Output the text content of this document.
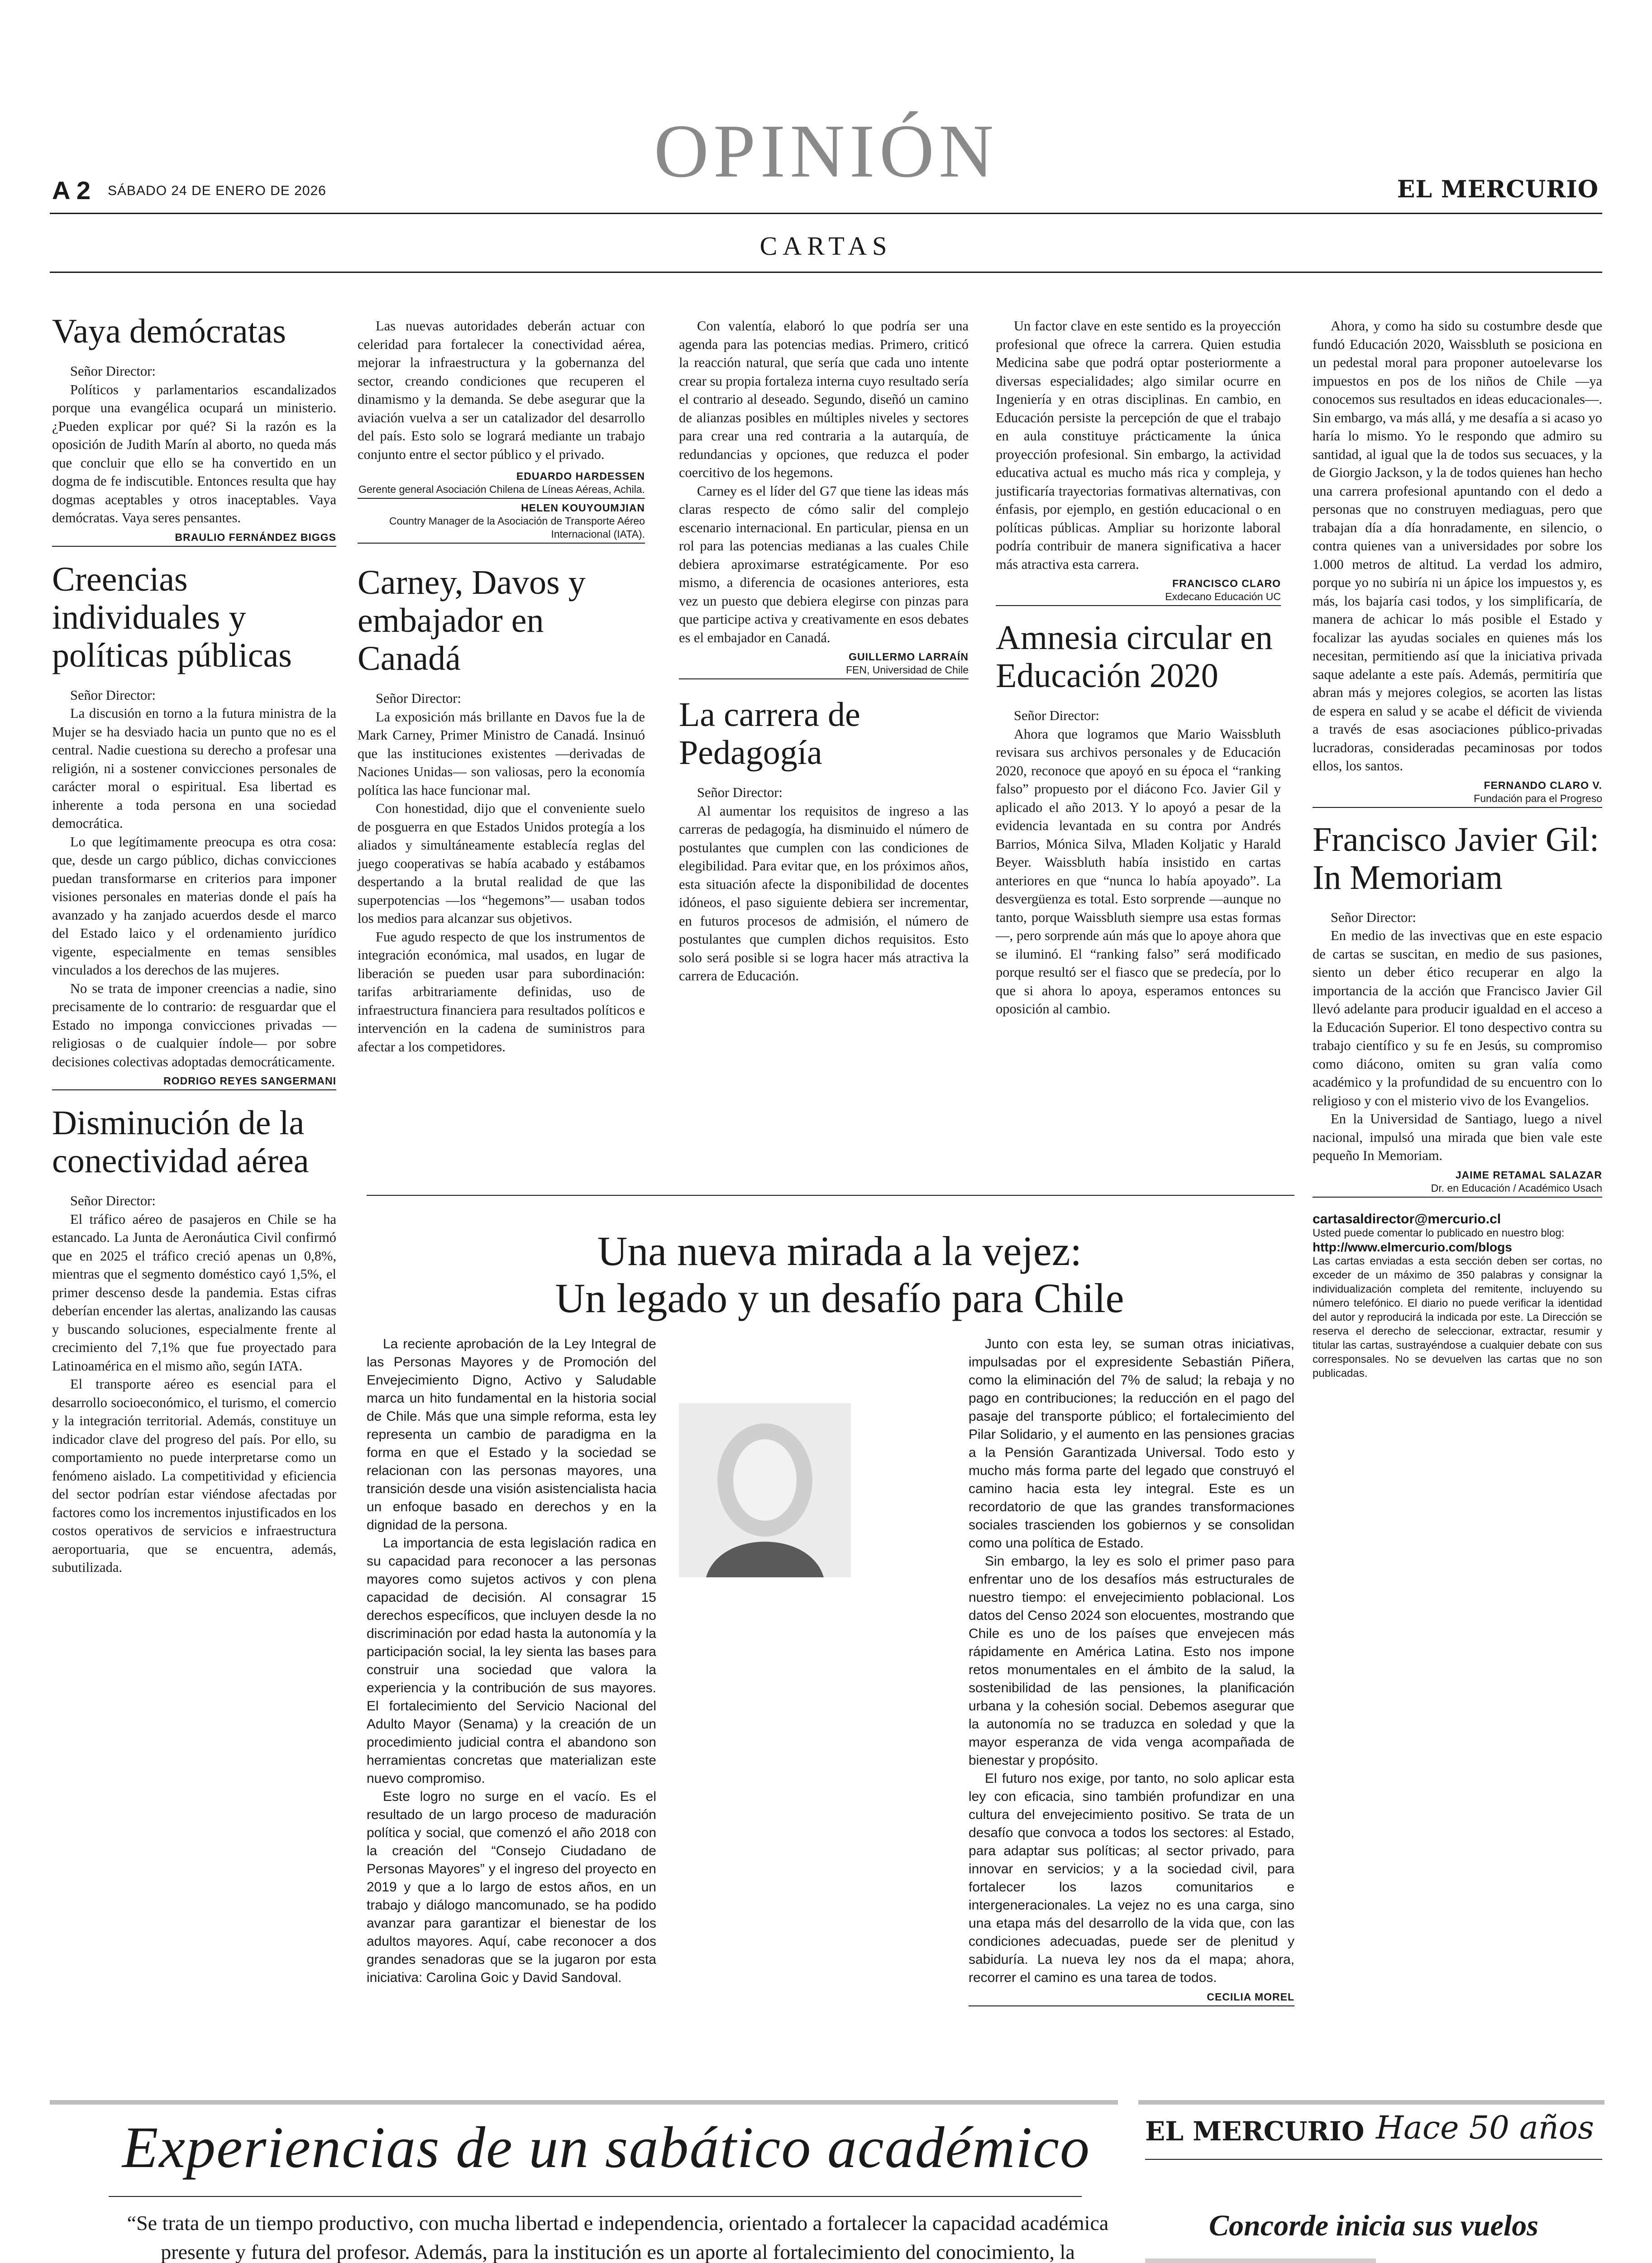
OPINIÓN
A 2 SÁBADO 24 DE ENERO DE 2026	EL MERCURIO
CARTAS
Vaya demócratas

Señor Director:

Políticos y parlamentarios escandalizados porque una evangélica ocupará un ministerio. ¿Pueden explicar por qué? Si la razón es la oposición de Judith Marín al aborto, no queda más que concluir que ello se ha convertido en un dogma de fe indiscutible. Entonces resulta que hay dogmas aceptables y otros inaceptables. Vaya demócratas. Vaya seres pensantes.

BRAULIO FERNÁNDEZ BIGGS
Creencias individuales y políticas públicas

Señor Director:

La discusión en torno a la futura ministra de la Mujer se ha desviado hacia un punto que no es el central. Nadie cuestiona su derecho a profesar una religión, ni a sostener convicciones personales de carácter moral o espiritual. Esa libertad es inherente a toda persona en una sociedad democrática.

Lo que legítimamente preocupa es otra cosa: que, desde un cargo público, dichas convicciones puedan transformarse en criterios para imponer visiones personales en materias donde el país ha avanzado y ha zanjado acuerdos desde el marco del Estado laico y el ordenamiento jurídico vigente, especialmente en temas sensibles vinculados a los derechos de las mujeres.

No se trata de imponer creencias a nadie, sino precisamente de lo contrario: de resguardar que el Estado no imponga convicciones privadas —religiosas o de cualquier índole— por sobre decisiones colectivas adoptadas democráticamente.

RODRIGO REYES SANGERMANI
Disminución de la conectividad aérea

Señor Director:

El tráfico aéreo de pasajeros en Chile se ha estancado. La Junta de Aeronáutica Civil confirmó que en 2025 el tráfico creció apenas un 0,8%, mientras que el segmento doméstico cayó 1,5%, el primer descenso desde la pandemia. Estas cifras deberían encender las alertas, analizando las causas y buscando soluciones, especialmente frente al crecimiento del 7,1% que fue proyectado para Latinoamérica en el mismo año, según IATA.

El transporte aéreo es esencial para el desarrollo socioeconómico, el turismo, el comercio y la integración territorial. Además, constituye un indicador clave del progreso del país. Por ello, su comportamiento no puede interpretarse como un fenómeno aislado. La competitividad y eficiencia del sector podrían estar viéndose afectadas por factores como los incrementos injustificados en los costos operativos de servicios e infraestructura aeroportuaria, que se encuentra, además, subutilizada.

Las nuevas autoridades deberán actuar con celeridad para fortalecer la conectividad aérea, mejorar la infraestructura y la gobernanza del sector, creando condiciones que recuperen el dinamismo y la demanda. Se debe asegurar que la aviación vuelva a ser un catalizador del desarrollo del país. Esto solo se logrará mediante un trabajo conjunto entre el sector público y el privado.

EDUARDO HARDESSEN
Gerente general Asociación Chilena de Líneas Aéreas, Achila.
HELEN KOUYOUMJIAN
Country Manager de la Asociación de Transporte Aéreo Internacional (IATA).
Carney, Davos y embajador en Canadá

Señor Director:

La exposición más brillante en Davos fue la de Mark Carney, Primer Ministro de Canadá. Insinuó que las instituciones existentes —derivadas de Naciones Unidas— son valiosas, pero la economía política las hace funcionar mal.

Con honestidad, dijo que el conveniente suelo de posguerra en que Estados Unidos protegía a los aliados y simultáneamente establecía reglas del juego cooperativas se había acabado y estábamos despertando a la brutal realidad de que las superpotencias —los “hegemons”— usaban todos los medios para alcanzar sus objetivos.

Fue agudo respecto de que los instrumentos de integración económica, mal usados, en lugar de liberación se pueden usar para subordinación: tarifas arbitrariamente definidas, uso de infraestructura financiera para resultados políticos e intervención en la cadena de suministros para afectar a los competidores.

Con valentía, elaboró lo que podría ser una agenda para las potencias medias. Primero, criticó la reacción natural, que sería que cada uno intente crear su propia fortaleza interna cuyo resultado sería el contrario al deseado. Segundo, diseñó un camino de alianzas posibles en múltiples niveles y sectores para crear una red contraria a la autarquía, de redundancias y opciones, que reduzca el poder coercitivo de los hegemons.

Carney es el líder del G7 que tiene las ideas más claras respecto de cómo salir del complejo escenario internacional. En particular, piensa en un rol para las potencias medianas a las cuales Chile debiera aproximarse estratégicamente. Por eso mismo, a diferencia de ocasiones anteriores, esta vez un puesto que debiera elegirse con pinzas para que participe activa y creativamente en esos debates es el embajador en Canadá.

GUILLERMO LARRAÍN
FEN, Universidad de Chile
La carrera de Pedagogía

Señor Director:

Al aumentar los requisitos de ingreso a las carreras de pedagogía, ha disminuido el número de postulantes que cumplen con las condiciones de elegibilidad. Para evitar que, en los próximos años, esta situación afecte la disponibilidad de docentes idóneos, el paso siguiente debiera ser incrementar, en futuros procesos de admisión, el número de postulantes que cumplen dichos requisitos. Esto solo será posible si se logra hacer más atractiva la carrera de Educación.

Un factor clave en este sentido es la proyección profesional que ofrece la carrera. Quien estudia Medicina sabe que podrá optar posteriormente a diversas especialidades; algo similar ocurre en Ingeniería y en otras disciplinas. En cambio, en Educación persiste la percepción de que el trabajo en aula constituye prácticamente la única proyección profesional. Sin embargo, la actividad educativa actual es mucho más rica y compleja, y justificaría trayectorias formativas alternativas, con énfasis, por ejemplo, en gestión educacional o en políticas públicas. Ampliar su horizonte laboral podría contribuir de manera significativa a hacer más atractiva esta carrera.

FRANCISCO CLARO
Exdecano Educación UC
Amnesia circular en Educación 2020

Señor Director:

Ahora que logramos que Mario Waissbluth revisara sus archivos personales y de Educación 2020, reconoce que apoyó en su época el “ranking falso” propuesto por el diácono Fco. Javier Gil y aplicado el año 2013. Y lo apoyó a pesar de la evidencia levantada en su contra por Andrés Barrios, Mónica Silva, Mladen Koljatic y Harald Beyer. Waissbluth había insistido en cartas anteriores en que “nunca lo había apoyado”. La desvergüenza es total. Esto sorprende —aunque no tanto, porque Waissbluth siempre usa estas formas—, pero sorprende aún más que lo apoye ahora que se iluminó. El “ranking falso” será modificado porque resultó ser el fiasco que se predecía, por lo que si ahora lo apoya, esperamos entonces su oposición al cambio.

Ahora, y como ha sido su costumbre desde que fundó Educación 2020, Waissbluth se posiciona en un pedestal moral para proponer autoelevarse los impuestos en pos de los niños de Chile —ya conocemos sus resultados en ideas educacionales—. Sin embargo, va más allá, y me desafía a si acaso yo haría lo mismo. Yo le respondo que admiro su santidad, al igual que la de todos sus secuaces, y la de Giorgio Jackson, y la de todos quienes han hecho una carrera profesional apuntando con el dedo a personas que no construyen mediaguas, pero que trabajan día a día honradamente, en silencio, o contra quienes van a universidades por sobre los 1.000 metros de altitud. La verdad los admiro, porque yo no subiría ni un ápice los impuestos y, es más, los bajaría casi todos, y los simplificaría, de manera de achicar lo más posible el Estado y focalizar las ayudas sociales en quienes más los necesitan, permitiendo así que la iniciativa privada saque adelante a este país. Además, permitiría que abran más y mejores colegios, se acorten las listas de espera en salud y se acabe el déficit de vivienda a través de esas asociaciones público-privadas lucradoras, consideradas pecaminosas por todos ellos, los santos.

FERNANDO CLARO V.
Fundación para el Progreso
Francisco Javier Gil: In Memoriam

Señor Director:

En medio de las invectivas que en este espacio de cartas se suscitan, en medio de sus pasiones, siento un deber ético recuperar en algo la importancia de la acción que Francisco Javier Gil llevó adelante para producir igualdad en el acceso a la Educación Superior. El tono despectivo contra su trabajo científico y su fe en Jesús, su compromiso como diácono, omiten su gran valía como académico y la profundidad de su encuentro con lo religioso y con el misterio vivo de los Evangelios.

En la Universidad de Santiago, luego a nivel nacional, impulsó una mirada que bien vale este pequeño In Memoriam.

JAIME RETAMAL SALAZAR
Dr. en Educación / Académico Usach
cartasaldirector@mercurio.cl
Usted puede comentar lo publicado en nuestro blog:
http://www.elmercurio.com/blogs
Las cartas enviadas a esta sección deben ser cortas, no exceder de un máximo de 350 palabras y consignar la individualización completa del remitente, incluyendo su número telefónico. El diario no puede verificar la identidad del autor y reproducirá la indicada por este. La Dirección se reserva el derecho de seleccionar, extractar, resumir y titular las cartas, sustrayéndose a cualquier debate con sus corresponsales. No se devuelven las cartas que no son publicadas.
Una nueva mirada a la vejez:
Un legado y un desafío para Chile

La reciente aprobación de la Ley Integral de las Personas Mayores y de Promoción del Envejecimiento Digno, Activo y Saludable marca un hito fundamental en la historia social de Chile. Más que una simple reforma, esta ley representa un cambio de paradigma en la forma en que el Estado y la sociedad se relacionan con las personas mayores, una transición desde una visión asistencialista hacia un enfoque basado en derechos y en la dignidad de la persona.

La importancia de esta legislación radica en su capacidad para reconocer a las personas mayores como sujetos activos y con plena capacidad de decisión. Al consagrar 15 derechos específicos, que incluyen desde la no discriminación por edad hasta la autonomía y la participación social, la ley sienta las bases para construir una sociedad que valora la experiencia y la contribución de sus mayores. El fortalecimiento del Servicio Nacional del Adulto Mayor (Senama) y la creación de un procedimiento judicial contra el abandono son herramientas concretas que materializan este nuevo compromiso.

Este logro no surge en el vacío. Es el resultado de un largo proceso de maduración política y social, que comenzó el año 2018 con la creación del “Consejo Ciudadano de Personas Mayores” y el ingreso del proyecto en 2019 y que a lo largo de estos años, en un trabajo y diálogo mancomunado, se ha podido avanzar para garantizar el bienestar de los adultos mayores. Aquí, cabe reconocer a dos grandes senadoras que se la jugaron por esta iniciativa: Carolina Goic y David Sandoval.

Junto con esta ley, se suman otras iniciativas, impulsadas por el expresidente Sebastián Piñera, como la eliminación del 7% de salud; la rebaja y no pago en contribuciones; la reducción en el pago del pasaje del transporte público; el fortalecimiento del Pilar Solidario, y el aumento en las pensiones gracias a la Pensión Garantizada Universal. Todo esto y mucho más forma parte del legado que construyó el camino hacia esta ley integral. Este es un recordatorio de que las grandes transformaciones sociales trascienden los gobiernos y se consolidan como una política de Estado.

Sin embargo, la ley es solo el primer paso para enfrentar uno de los desafíos más estructurales de nuestro tiempo: el envejecimiento poblacional. Los datos del Censo 2024 son elocuentes, mostrando que Chile es uno de los países que envejecen más rápidamente en América Latina. Esto nos impone retos monumentales en el ámbito de la salud, la sostenibilidad de las pensiones, la planificación urbana y la cohesión social. Debemos asegurar que la autonomía no se traduzca en soledad y que la mayor esperanza de vida venga acompañada de bienestar y propósito.

El futuro nos exige, por tanto, no solo aplicar esta ley con eficacia, sino también profundizar en una cultura del envejecimiento positivo. Se trata de un desafío que convoca a todos los sectores: al Estado, para adaptar sus políticas; al sector privado, para innovar en servicios; y a la sociedad civil, para fortalecer los lazos comunitarios e intergeneracionales. La vejez no es una carga, sino una etapa más del desarrollo de la vida que, con las condiciones adecuadas, puede ser de plenitud y sabiduría. La nueva ley nos da el mapa; ahora, recorrer el camino es una tarea de todos.

CECILIA MOREL
Experiencias de un sabático académico
“Se trata de un tiempo productivo, con mucha libertad e independencia, orientado a fortalecer la capacidad académica presente y futura del profesor. Además, para la institución es un aporte al fortalecimiento del conocimiento, la

EL MERCURIO Hace 50 años
Concorde inicia sus vuelos
